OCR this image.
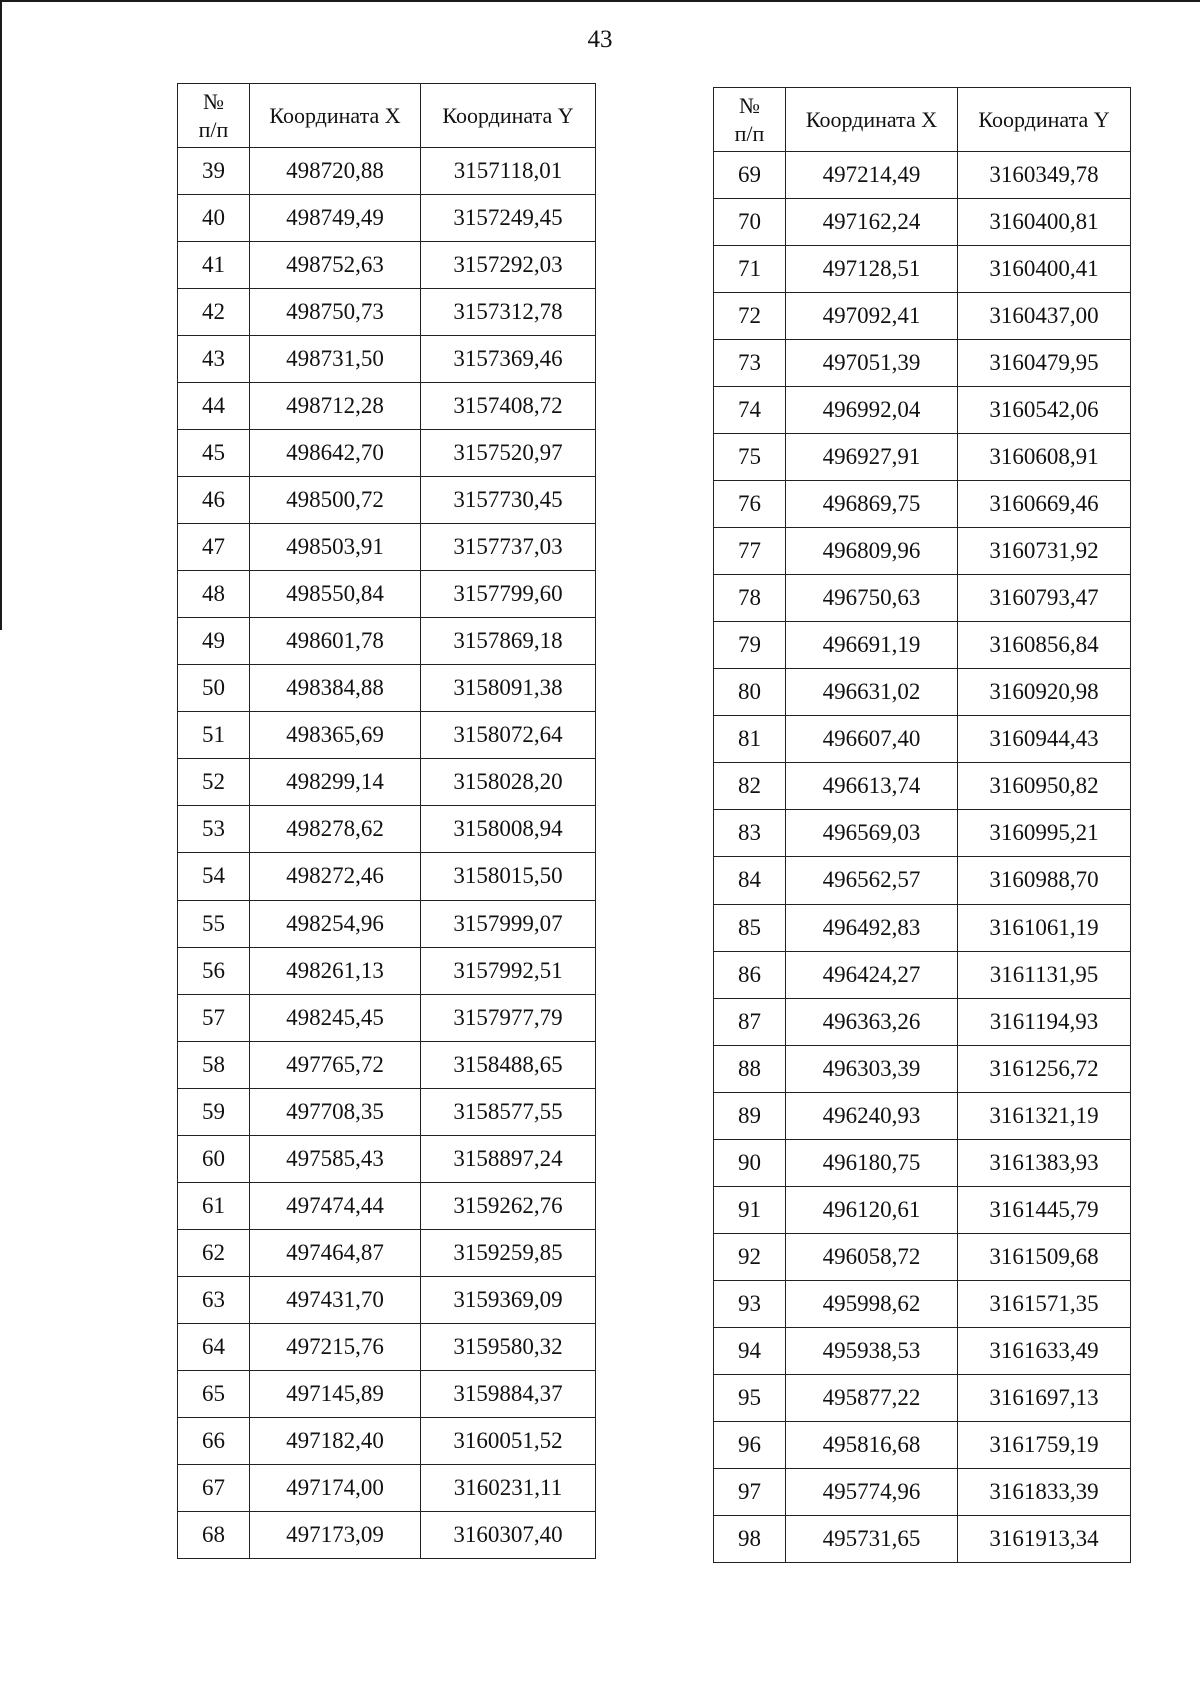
43
№
п/п	Координата X	Координата Y
39	498720,88	3157118,01
40	498749,49	3157249,45
41	498752,63	3157292,03
42	498750,73	3157312,78
43	498731,50	3157369,46
44	498712,28	3157408,72
45	498642,70	3157520,97
46	498500,72	3157730,45
47	498503,91	3157737,03
48	498550,84	3157799,60
49	498601,78	3157869,18
50	498384,88	3158091,38
51	498365,69	3158072,64
52	498299,14	3158028,20
53	498278,62	3158008,94
54	498272,46	3158015,50
55	498254,96	3157999,07
56	498261,13	3157992,51
57	498245,45	3157977,79
58	497765,72	3158488,65
59	497708,35	3158577,55
60	497585,43	3158897,24
61	497474,44	3159262,76
62	497464,87	3159259,85
63	497431,70	3159369,09
64	497215,76	3159580,32
65	497145,89	3159884,37
66	497182,40	3160051,52
67	497174,00	3160231,11
68	497173,09	3160307,40
№
п/п	Координата X	Координата Y
69	497214,49	3160349,78
70	497162,24	3160400,81
71	497128,51	3160400,41
72	497092,41	3160437,00
73	497051,39	3160479,95
74	496992,04	3160542,06
75	496927,91	3160608,91
76	496869,75	3160669,46
77	496809,96	3160731,92
78	496750,63	3160793,47
79	496691,19	3160856,84
80	496631,02	3160920,98
81	496607,40	3160944,43
82	496613,74	3160950,82
83	496569,03	3160995,21
84	496562,57	3160988,70
85	496492,83	3161061,19
86	496424,27	3161131,95
87	496363,26	3161194,93
88	496303,39	3161256,72
89	496240,93	3161321,19
90	496180,75	3161383,93
91	496120,61	3161445,79
92	496058,72	3161509,68
93	495998,62	3161571,35
94	495938,53	3161633,49
95	495877,22	3161697,13
96	495816,68	3161759,19
97	495774,96	3161833,39
98	495731,65	3161913,34
